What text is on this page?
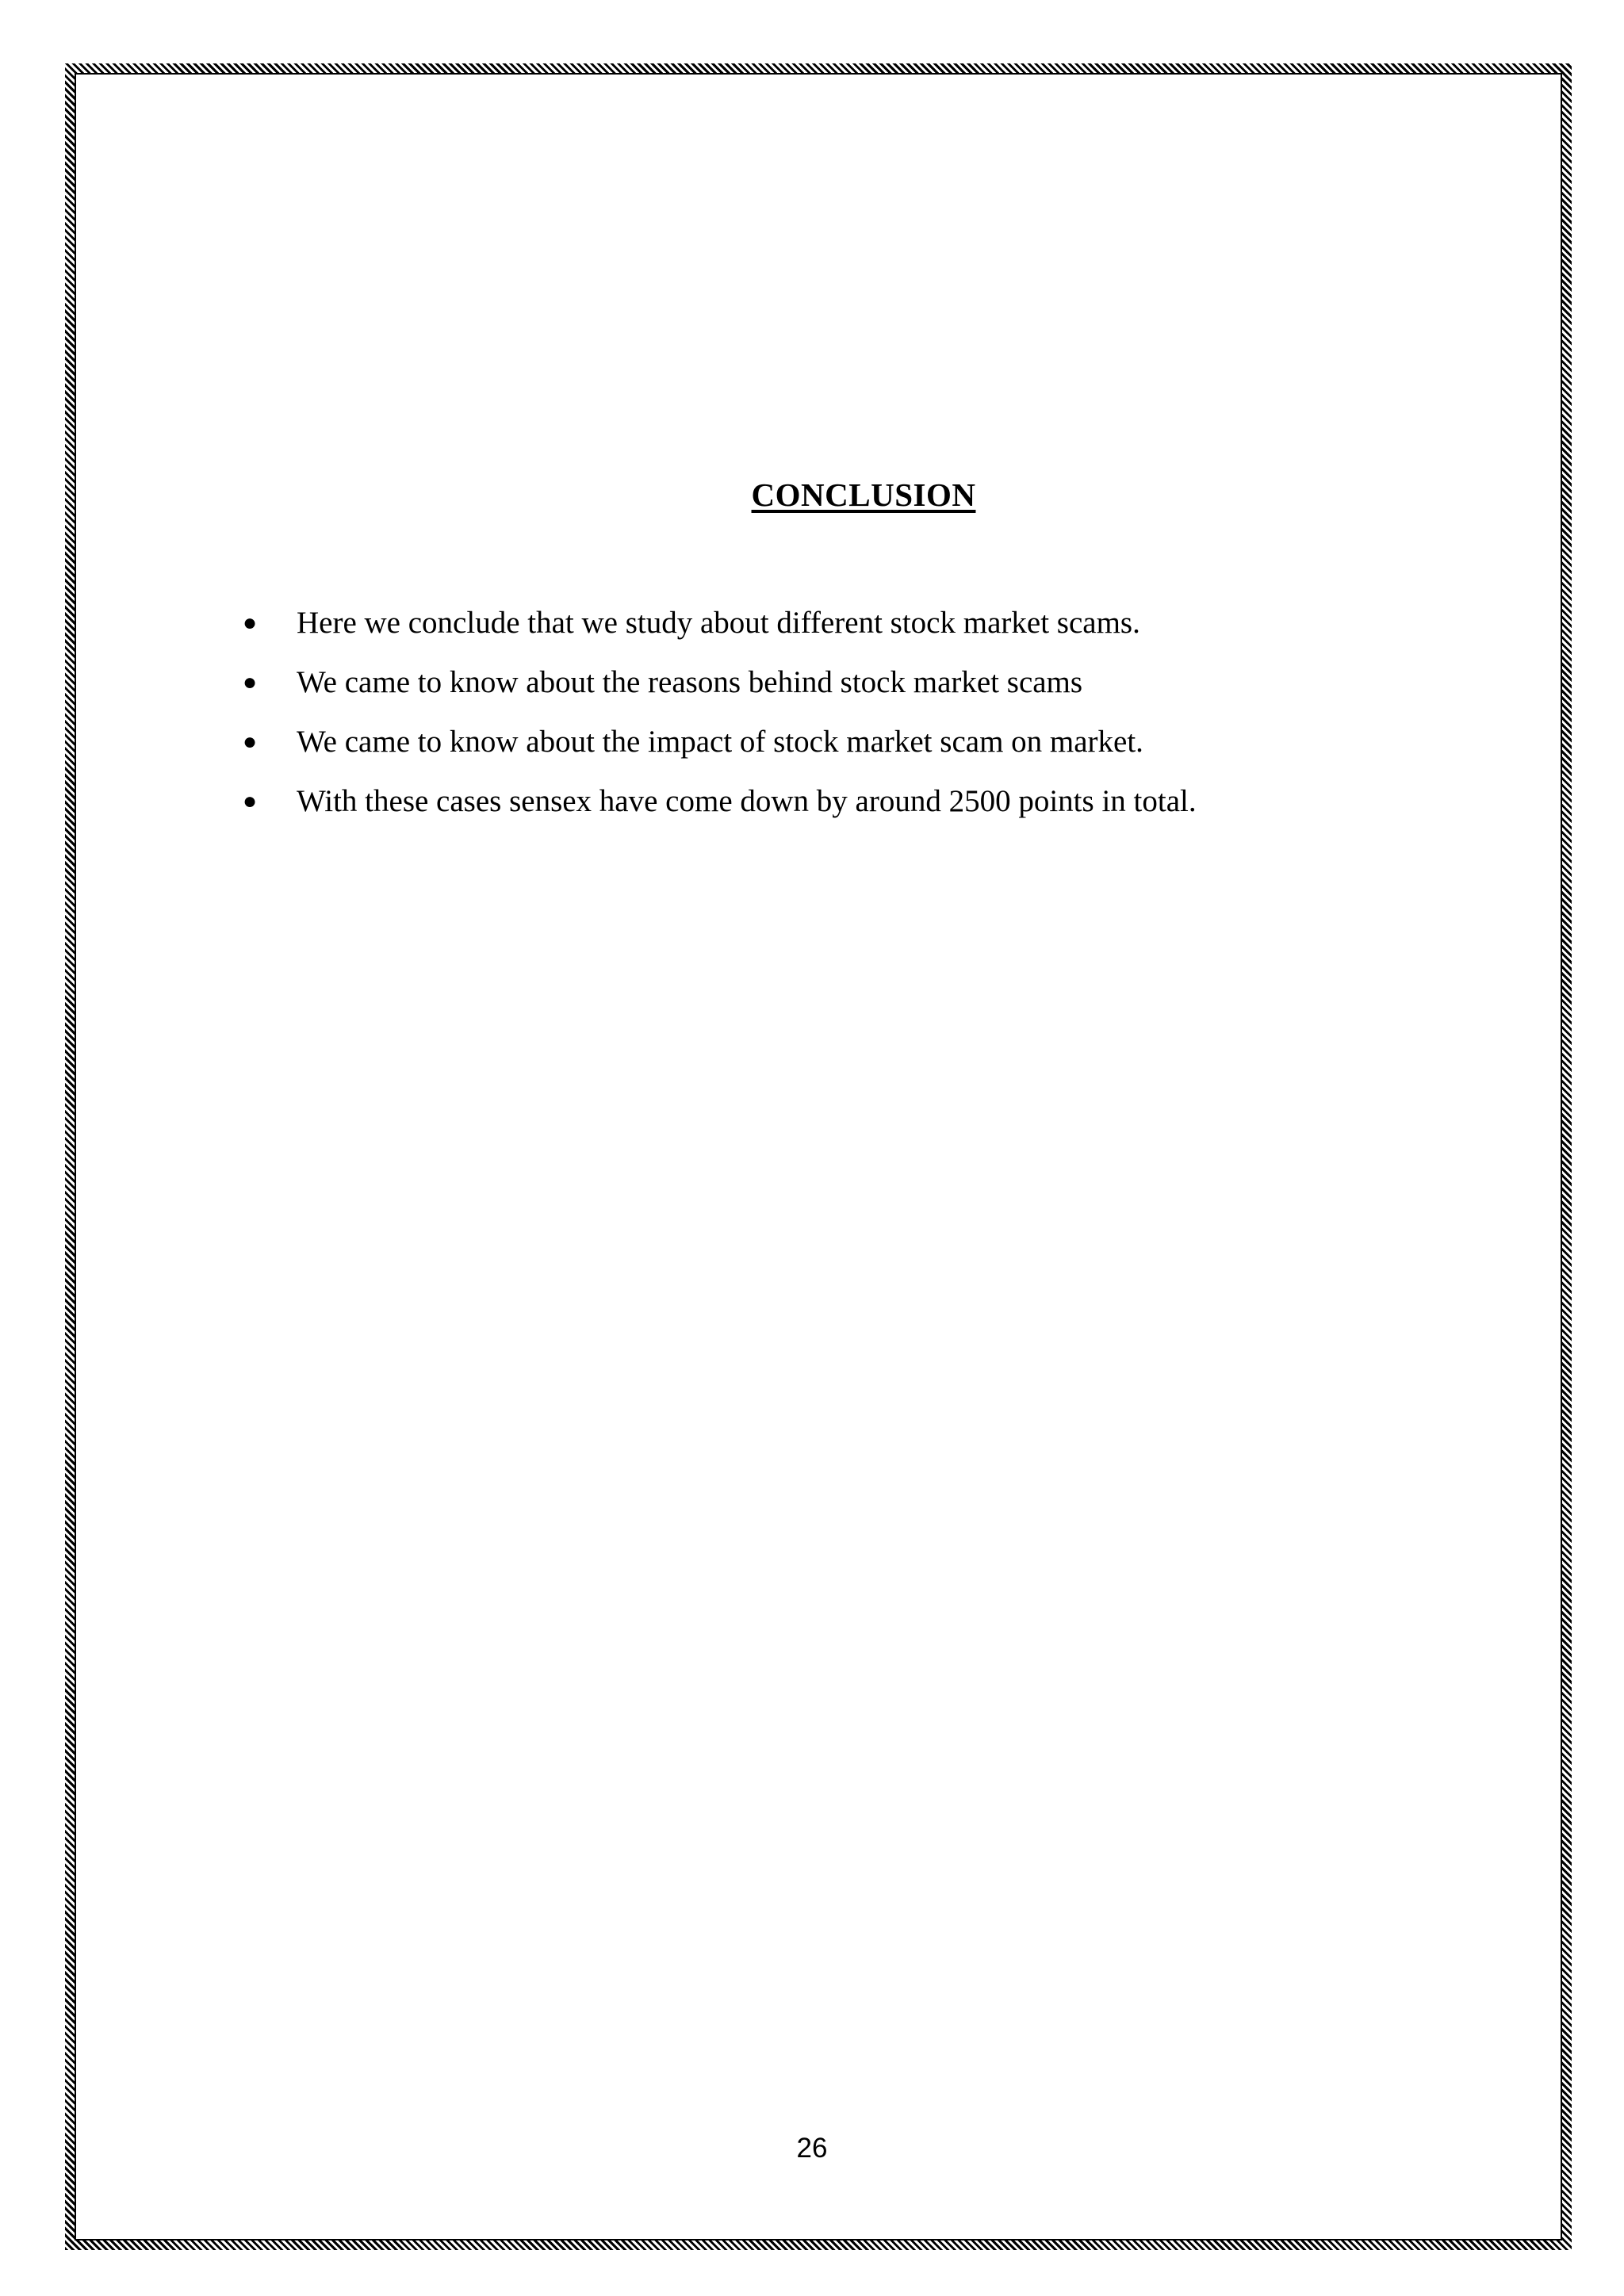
CONCLUSION
●	Here we conclude that we study about different stock market scams.
●	We came to know about the reasons behind stock market scams
●	We came to know about the impact of stock market scam on market.
●	With these cases sensex have come down by around 2500 points in total.
26
